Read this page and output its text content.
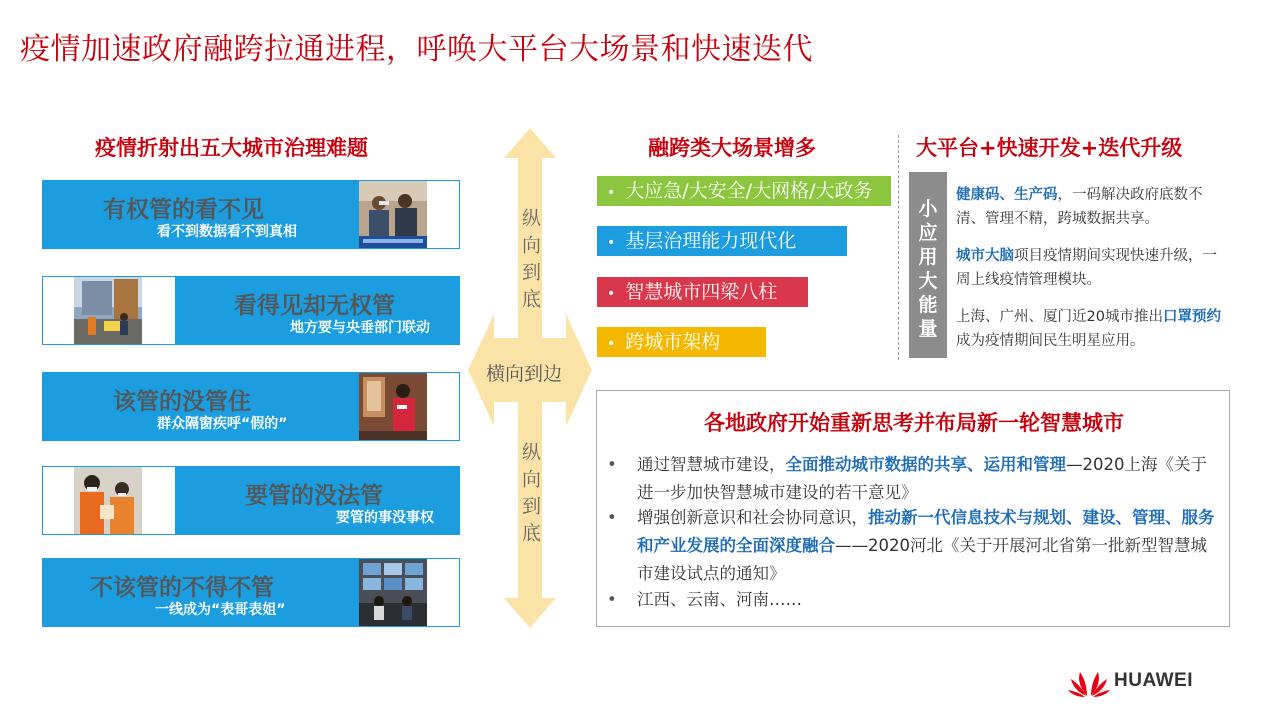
疫情加速政府融跨拉通进程，呼唤大平台大场景和快速迭代
疫情折射出五大城市治理难题
有权管的看不见
看不到数据看不到真相
看得见却无权管
地方要与央垂部门联动
该管的没管住
群众隔窗疾呼“假的”
要管的没法管
要管的事没事权
不该管的不得不管
一线成为“表哥表姐”
纵向到底
横向到边
纵向到底
融跨类大场景增多
• 大应急/大安全/大网格/大政务
• 基层治理能力现代化
• 智慧城市四梁八柱
• 跨城市架构
大平台+快速开发+迭代升级
小应用大能量
健康码、生产码，一码解决政府底数不清、管理不精，跨城数据共享。
城市大脑项目疫情期间实现快速升级，一周上线疫情管理模块。
上海、广州、厦门近20城市推出口罩预约成为疫情期间民生明星应用。
各地政府开始重新思考并布局新一轮智慧城市
• 通过智慧城市建设，全面推动城市数据的共享、运用和管理—2020上海《关于进一步加快智慧城市建设的若干意见》
• 增强创新意识和社会协同意识，推动新一代信息技术与规划、建设、管理、服务和产业发展的全面深度融合——2020河北《关于开展河北省第一批新型智慧城市建设试点的通知》
• 江西、云南、河南……
HUAWEI
